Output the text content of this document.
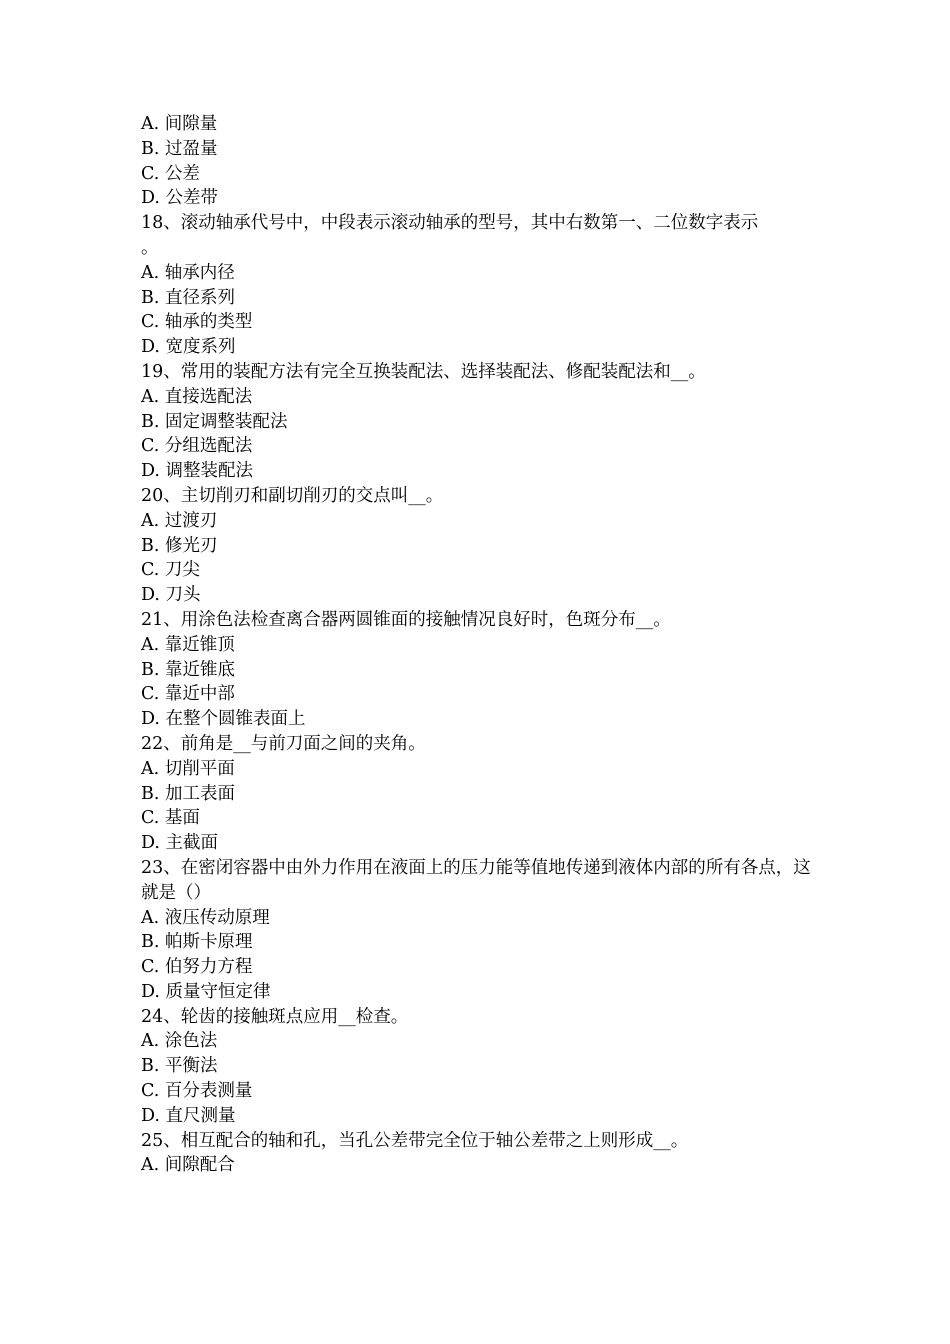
A. 间隙量
B. 过盈量
C. 公差
D. 公差带
18、滚动轴承代号中，中段表示滚动轴承的型号，其中右数第一、二位数字表示
。
A. 轴承内径
B. 直径系列
C. 轴承的类型
D. 宽度系列
19、常用的装配方法有完全互换装配法、选择装配法、修配装配法和__。
A. 直接选配法
B. 固定调整装配法
C. 分组选配法
D. 调整装配法
20、主切削刃和副切削刃的交点叫__。
A. 过渡刃
B. 修光刃
C. 刀尖
D. 刀头
21、用涂色法检查离合器两圆锥面的接触情况良好时，色斑分布__。
A. 靠近锥顶
B. 靠近锥底
C. 靠近中部
D. 在整个圆锥表面上
22、前角是__与前刀面之间的夹角。
A. 切削平面
B. 加工表面
C. 基面
D. 主截面
23、在密闭容器中由外力作用在液面上的压力能等值地传递到液体内部的所有各点，这就是（）
A. 液压传动原理
B. 帕斯卡原理
C. 伯努力方程
D. 质量守恒定律
24、轮齿的接触斑点应用__检查。
A. 涂色法
B. 平衡法
C. 百分表测量
D. 直尺测量
25、相互配合的轴和孔，当孔公差带完全位于轴公差带之上则形成__。
A. 间隙配合
